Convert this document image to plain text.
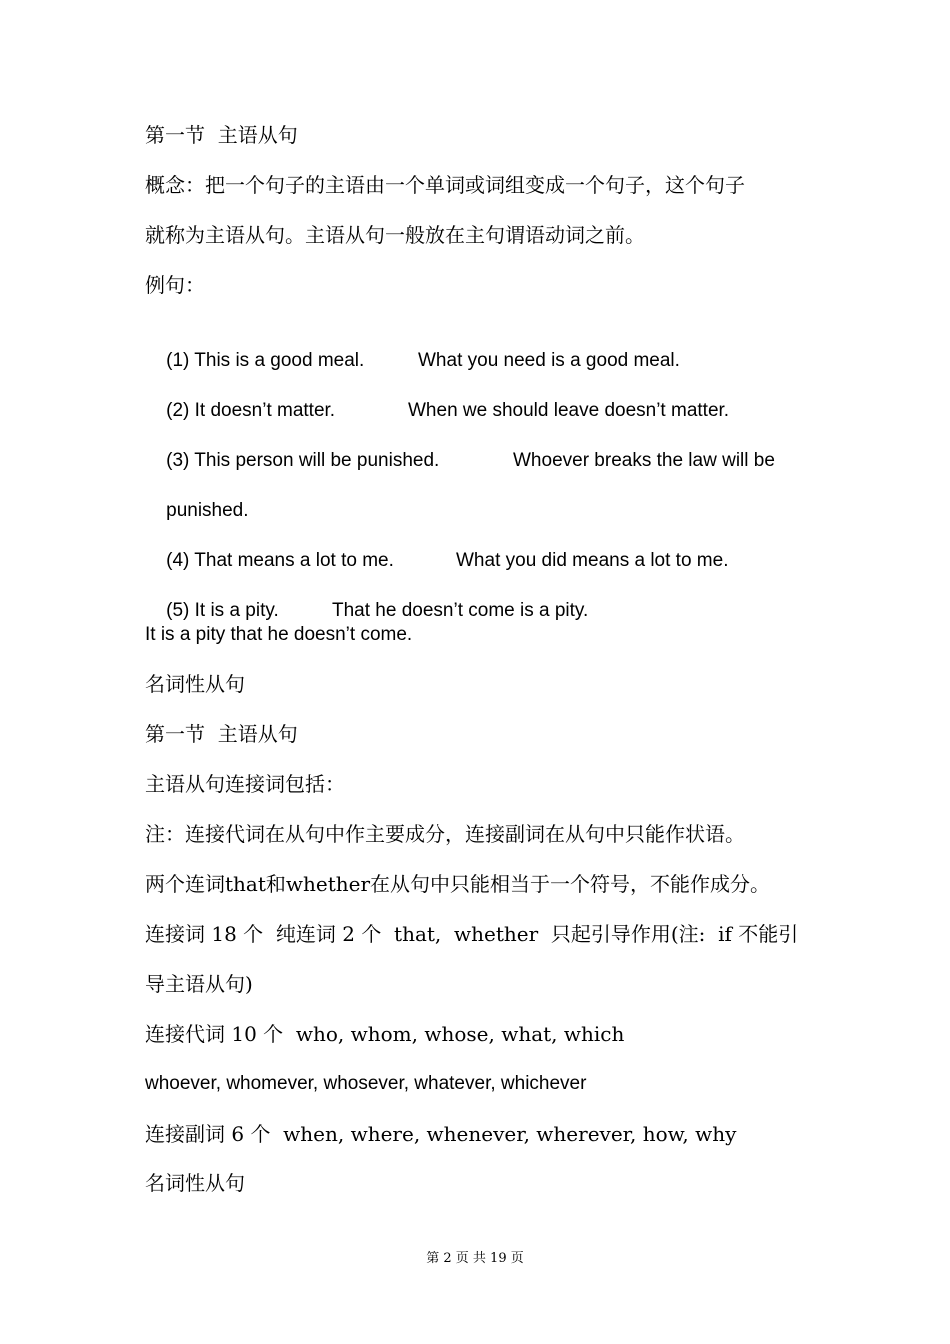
第一节  主语从句
概念：把一个句子的主语由一个单词或词组变成一个句子，这个句子
就称为主语从句。主语从句一般放在主句谓语动词之前。
例句：

(1) This is a good meal.	What you need is a good meal.

(2) It doesn’t matter.	When we should leave doesn’t matter.

(3) This person will be punished.	Whoever breaks the law will be

punished.

(4) That means a lot to me.	What you did means a lot to me.

(5) It is a pity.	That he doesn’t come is a pity.

It is a pity that he doesn’t come.
名词性从句
第一节  主语从句
主语从句连接词包括：
注：连接代词在从句中作主要成分，连接副词在从句中只能作状语。
两个连词that和whether在从句中只能相当于一个符号，不能作成分。
连接词 18 个  纯连词 2 个  that,  whether  只起引导作用(注:  if 不能引
导主语从句)
连接代词 10 个  who, whom, whose, what, which
whoever, whomever, whosever, whatever, whichever
连接副词 6 个  when, where, whenever, wherever, how, why
名词性从句
第 2 页 共 19 页
